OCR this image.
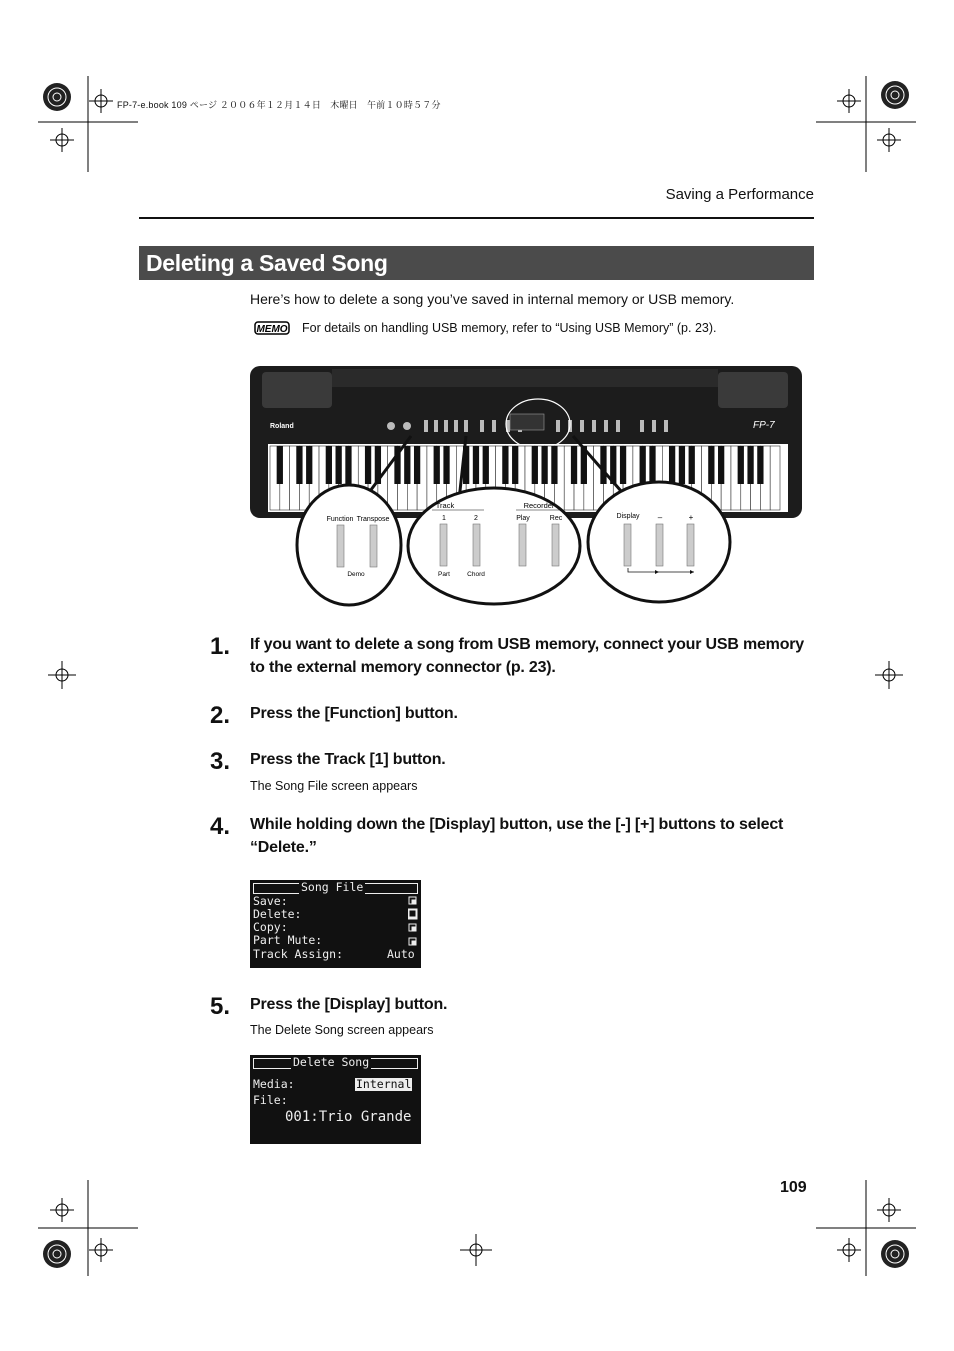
FP-7-e.book 109 ページ ２００６年１２月１４日　木曜日　午前１０時５７分
Saving a Performance
Deleting a Saved Song
Here’s how to delete a song you’ve saved in internal memory or USB memory.
MEMO For details on handling USB memory, refer to “Using USB Memory” (p. 23).
Roland	FP-7
Function Transpose
Demo
Track
1	2
Part	Chord
Recorder
Play	Rec	Display –	+
1. If you want to delete a song from USB memory, connect your USB memory to the external memory connector (p. 23).
2. Press the [Function] button.
3. Press the Track [1] button.
The Song File screen appears
4. While holding down the [Display] button, use the [-] [+] buttons to select “Delete.”
Song File
Save:
Delete:
Copy:
Part Mute:
Track Assign:	Auto
5. Press the [Display] button.
The Delete Song screen appears
Delete Song
Media:	Internal
File:
001:Trio Grande
109
